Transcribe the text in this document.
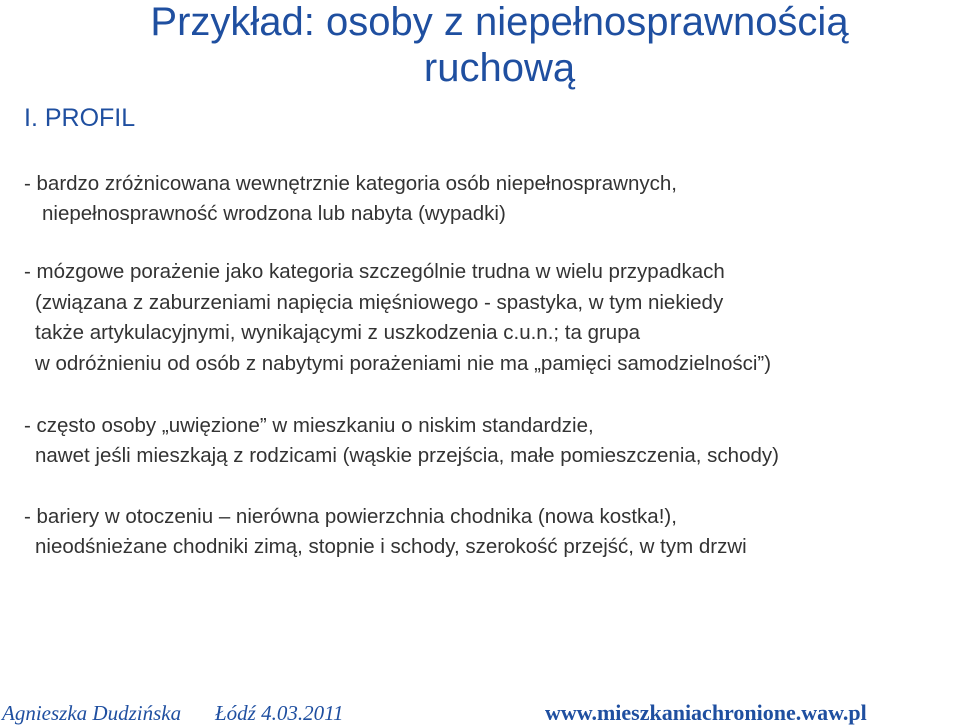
Przykład: osoby z niepełnosprawnością
ruchową
I. PROFIL
- bardzo zróżnicowana wewnętrznie kategoria osób niepełnosprawnych,
niepełnosprawność wrodzona lub nabyta (wypadki)
- mózgowe porażenie jako kategoria szczególnie trudna w wielu przypadkach
(związana z zaburzeniami napięcia mięśniowego - spastyka, w tym niekiedy
także artykulacyjnymi, wynikającymi z uszkodzenia c.u.n.; ta grupa
w odróżnieniu od osób z nabytymi porażeniami nie ma „pamięci samodzielności”)
- często osoby „uwięzione” w mieszkaniu o niskim standardzie,
nawet jeśli mieszkają z rodzicami (wąskie przejścia, małe pomieszczenia, schody)
- bariery w otoczeniu – nierówna powierzchnia chodnika (nowa kostka!),
nieodśnieżane chodniki zimą, stopnie i schody, szerokość przejść, w tym drzwi
Agnieszka Dudzińska Łódź 4.03.2011	www.mieszkaniachronione.waw.pl
